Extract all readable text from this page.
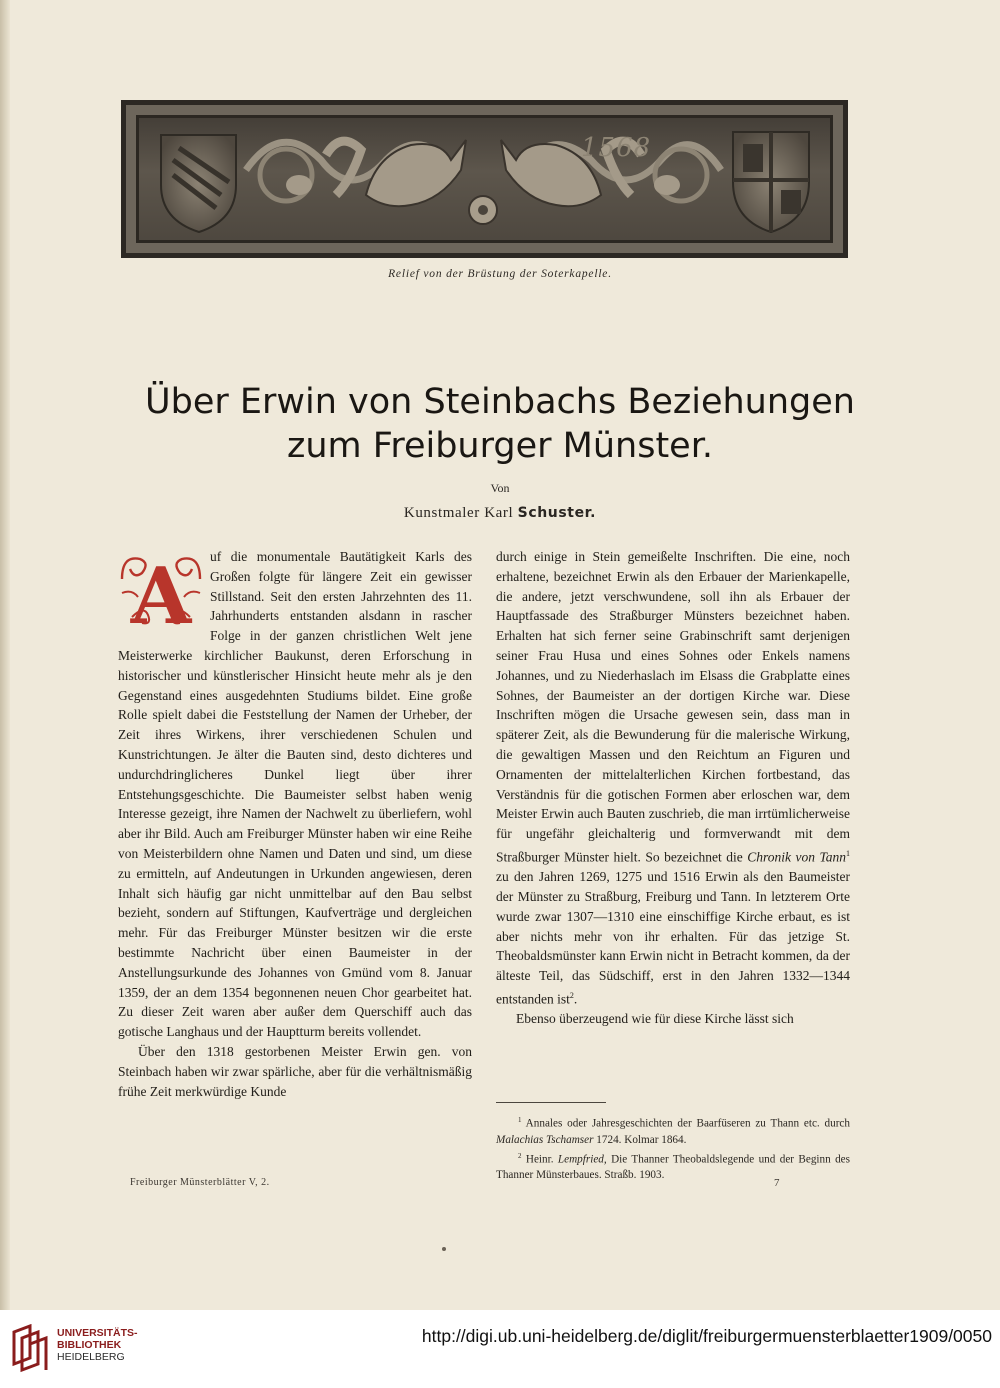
1568
Relief von der Brüstung der Soterkapelle.
Über Erwin von Steinbachs Beziehungen
zum Freiburger Münster.
Von
Kunstmaler Karl Schuster.
A	uf die monumentale Bautätigkeit Karls des Großen folgte für längere Zeit ein gewisser Stillstand. Seit den ersten Jahrzehnten des 11. Jahrhunderts entstanden alsdann in rascher Folge in der ganzen christlichen Welt jene Meisterwerke kirchlicher Baukunst, deren Erforschung in historischer und künstlerischer Hinsicht heute mehr als je den Gegenstand eines ausgedehnten Studiums bildet. Eine große Rolle spielt dabei die Feststellung der Namen der Urheber, der Zeit ihres Wirkens, ihrer verschiedenen Schulen und Kunstrichtungen. Je älter die Bauten sind, desto dichteres und undurchdringlicheres Dunkel liegt über ihrer Entstehungsgeschichte. Die Baumeister selbst haben wenig Interesse gezeigt, ihre Namen der Nachwelt zu überliefern, wohl aber ihr Bild. Auch am Freiburger Münster haben wir eine Reihe von Meisterbildern ohne Namen und Daten und sind, um diese zu ermitteln, auf Andeutungen in Urkunden angewiesen, deren Inhalt sich häufig gar nicht unmittelbar auf den Bau selbst bezieht, sondern auf Stiftungen, Kaufverträge und dergleichen mehr. Für das Freiburger Münster besitzen wir die erste bestimmte Nachricht über einen Baumeister in der Anstellungsurkunde des Johannes von Gmünd vom 8. Januar 1359, der an dem 1354 begonnenen neuen Chor gearbeitet hat. Zu dieser Zeit waren aber außer dem Querschiff auch das gotische Langhaus und der Hauptturm bereits vollendet.

Über den 1318 gestorbenen Meister Erwin gen. von Steinbach haben wir zwar spärliche, aber für die verhältnismäßig frühe Zeit merkwürdige Kunde

durch einige in Stein gemeißelte Inschriften. Die eine, noch erhaltene, bezeichnet Erwin als den Erbauer der Marienkapelle, die andere, jetzt verschwundene, soll ihn als Erbauer der Hauptfassade des Straßburger Münsters bezeichnet haben. Erhalten hat sich ferner seine Grabinschrift samt derjenigen seiner Frau Husa und eines Sohnes oder Enkels namens Johannes, und zu Niederhaslach im Elsass die Grabplatte eines Sohnes, der Baumeister an der dortigen Kirche war. Diese Inschriften mögen die Ursache gewesen sein, dass man in späterer Zeit, als die Bewunderung für die malerische Wirkung, die gewaltigen Massen und den Reichtum an Figuren und Ornamenten der mittelalterlichen Kirchen fortbestand, das Verständnis für die gotischen Formen aber erloschen war, dem Meister Erwin auch Bauten zuschrieb, die man irrtümlicherweise für ungefähr gleichalterig und formverwandt mit dem Straßburger Münster hielt. So bezeichnet die Chronik von Tann$^1$ zu den Jahren 1269, 1275 und 1516 Erwin als den Baumeister der Münster zu Straßburg, Freiburg und Tann. In letzterem Orte wurde zwar 1307—1310 eine einschiffige Kirche erbaut, es ist aber nichts mehr von ihr erhalten. Für das jetzige St. Theobaldsmünster kann Erwin nicht in Betracht kommen, da der älteste Teil, das Südschiff, erst in den Jahren 1332—1344 entstanden ist$^2$.

Ebenso überzeugend wie für diese Kirche lässt sich

$^1$ Annales oder Jahresgeschichten der Baarfüseren zu Thann etc. durch Malachias Tschamser 1724. Kolmar 1864.

$^2$ Heinr. Lempfried, Die Thanner Theobaldslegende und der Beginn des Thanner Münsterbaues. Straßb. 1903.

Freiburger Münsterblätter V, 2.	7
UNIVERSITÄTS-
BIBLIOTHEK
HEIDELBERG
http://digi.ub.uni-heidelberg.de/diglit/freiburgermuensterblaetter1909/0050
